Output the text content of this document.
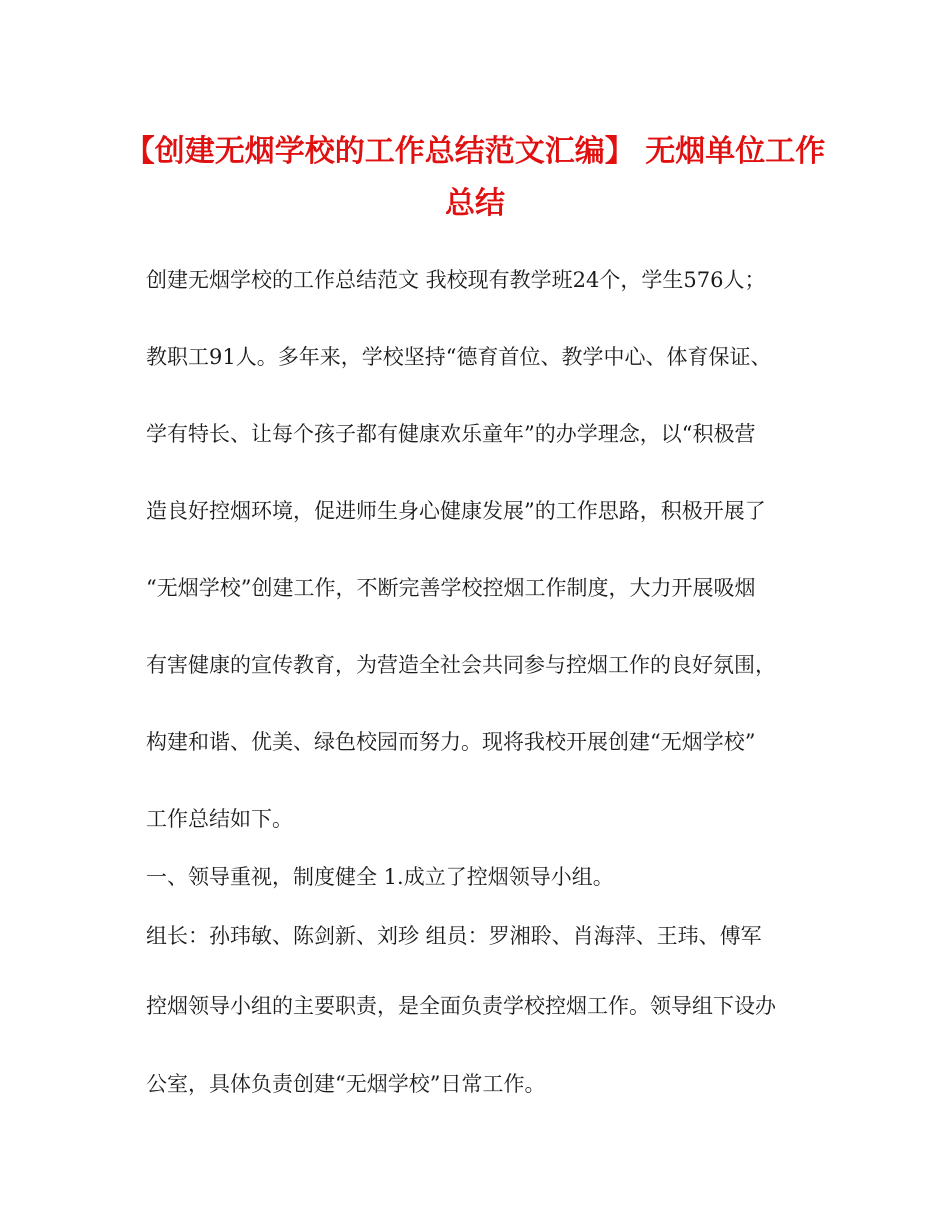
【创建无烟学校的工作总结范文汇编】 无烟单位工作总结

创建无烟学校的工作总结范文 我校现有教学班24个，学生576人；

教职工91人。多年来，学校坚持“德育首位、教学中心、体育保证、

学有特长、让每个孩子都有健康欢乐童年”的办学理念，以“积极营

造良好控烟环境，促进师生身心健康发展”的工作思路，积极开展了

“无烟学校”创建工作，不断完善学校控烟工作制度，大力开展吸烟

有害健康的宣传教育，为营造全社会共同参与控烟工作的良好氛围，

构建和谐、优美、绿色校园而努力。现将我校开展创建“无烟学校”

工作总结如下。

一、领导重视，制度健全 1.成立了控烟领导小组。

组长：孙玮敏、陈剑新、刘珍 组员：罗湘聆、肖海萍、王玮、傅军

控烟领导小组的主要职责，是全面负责学校控烟工作。领导组下设办

公室，具体负责创建“无烟学校”日常工作。
